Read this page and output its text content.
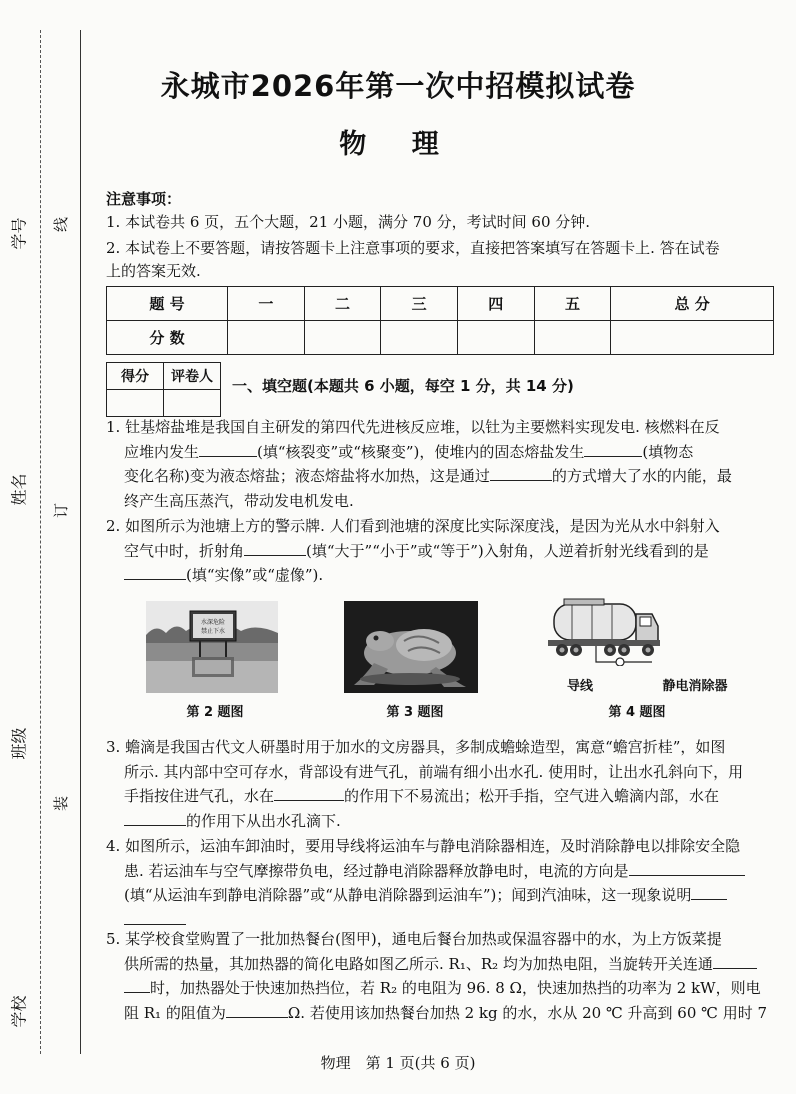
学号
姓名
班级
学校
线
订
装
永城市2026年第一次中招模拟试卷
物 理
注意事项：
1. 本试卷共 6 页，五个大题，21 小题，满分 70 分，考试时间 60 分钟.
2. 本试卷上不要答题，请按答题卡上注意事项的要求，直接把答案填写在答题卡上. 答在试卷
上的答案无效.
题 号	一	二	三	四	五	总 分
分 数						
得分	评卷人
	一、填空题(本题共 6 小题，每空 1 分，共 14 分)
1. 钍基熔盐堆是我国自主研发的第四代先进核反应堆，以钍为主要燃料实现发电. 核燃料在反
应堆内发生	(填“核裂变”或“核聚变”)，使堆内的固态熔盐发生	(填物态
变化名称)变为液态熔盐；液态熔盐将水加热，这是通过	的方式增大了水的内能，最
终产生高压蒸汽，带动发电机发电.
2. 如图所示为池塘上方的警示牌. 人们看到池塘的深度比实际深度浅，是因为光从水中斜射入
空气中时，折射角	(填“大于”“小于”或“等于”)入射角，人逆着折射光线看到的是
(填“实像”或“虚像”).
水深危险
禁止下水
第 2 题图	第 3 题图
导线	静电消除器
第 4 题图
3. 蟾滴是我国古代文人研墨时用于加水的文房器具，多制成蟾蜍造型，寓意“蟾宫折桂”，如图
所示. 其内部中空可存水，背部设有进气孔，前端有细小出水孔. 使用时，让出水孔斜向下，用
手指按住进气孔，水在	的作用下不易流出；松开手指，空气进入蟾滴内部，水在
的作用下从出水孔滴下.
4. 如图所示，运油车卸油时，要用导线将运油车与静电消除器相连，及时消除静电以排除安全隐
患. 若运油车与空气摩擦带负电，经过静电消除器释放静电时，电流的方向是
(填“从运油车到静电消除器”或“从静电消除器到运油车”)；闻到汽油味，这一现象说明
5. 某学校食堂购置了一批加热餐台(图甲)，通电后餐台加热或保温容器中的水，为上方饭菜提
供所需的热量，其加热器的简化电路如图乙所示. R₁、R₂ 均为加热电阻，当旋转开关连通
时，加热器处于快速加热挡位，若 R₂ 的电阻为 96. 8 Ω，快速加热挡的功率为 2 kW，则电
阻 R₁ 的阻值为	Ω. 若使用该加热餐台加热 2 kg 的水，水从 20 ℃ 升高到 60 ℃ 用时 7
物理　第 1 页(共 6 页)
